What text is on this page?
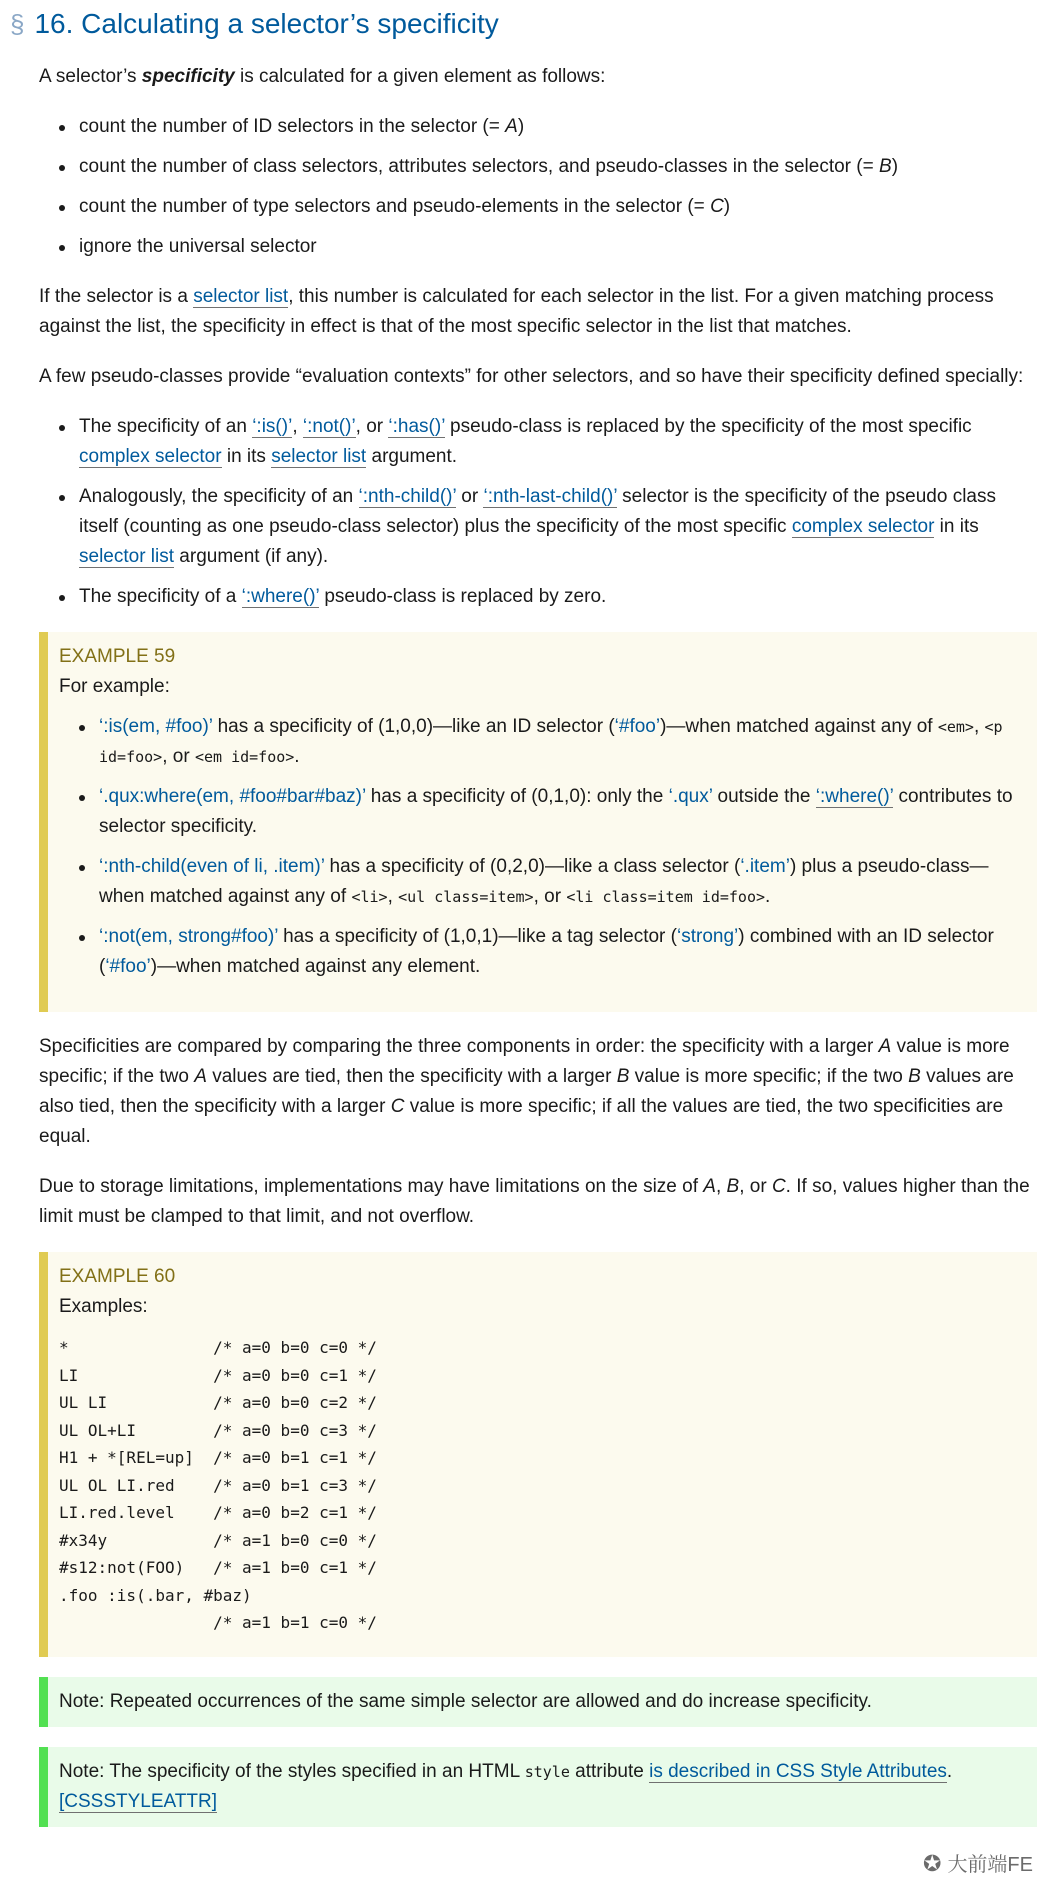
§ 16. Calculating a selector’s specificity

A selector’s specificity is calculated for a given element as follows:

count the number of ID selectors in the selector (= A)
count the number of class selectors, attributes selectors, and pseudo-classes in the selector (= B)
count the number of type selectors and pseudo-elements in the selector (= C)
ignore the universal selector

If the selector is a selector list, this number is calculated for each selector in the list. For a given matching process against the list, the specificity in effect is that of the most specific selector in the list that matches.

A few pseudo-classes provide “evaluation contexts” for other selectors, and so have their specificity defined specially:

The specificity of an ‘:is()’, ‘:not()’, or ‘:has()’ pseudo-class is replaced by the specificity of the most specific complex selector in its selector list argument.
Analogously, the specificity of an ‘:nth-child()’ or ‘:nth-last-child()’ selector is the specificity of the pseudo class itself (counting as one pseudo-class selector) plus the specificity of the most specific complex selector in its selector list argument (if any).
The specificity of a ‘:where()’ pseudo-class is replaced by zero.
EXAMPLE 59
For example:
‘:is(em, #foo)’ has a specificity of (1,0,0)—like an ID selector (‘#foo’)—when matched against any of <em>, <p id=foo>, or <em id=foo>.
‘.qux:where(em, #foo#bar#baz)’ has a specificity of (0,1,0): only the ‘.qux’ outside the ‘:where()’ contributes to selector specificity.
‘:nth-child(even of li, .item)’ has a specificity of (0,2,0)—like a class selector (‘.item’) plus a pseudo-class—when matched against any of <li>, <ul class=item>, or <li class=item id=foo>.
‘:not(em, strong#foo)’ has a specificity of (1,0,1)—like a tag selector (‘strong’) combined with an ID selector (‘#foo’)—when matched against any element.

Specificities are compared by comparing the three components in order: the specificity with a larger A value is more specific; if the two A values are tied, then the specificity with a larger B value is more specific; if the two B values are also tied, then the specificity with a larger C value is more specific; if all the values are tied, the two specificities are equal.

Due to storage limitations, implementations may have limitations on the size of A, B, or C. If so, values higher than the limit must be clamped to that limit, and not overflow.

EXAMPLE 60
Examples:
*               /* a=0 b=0 c=0 */
LI              /* a=0 b=0 c=1 */
UL LI           /* a=0 b=0 c=2 */
UL OL+LI        /* a=0 b=0 c=3 */
H1 + *[REL=up]  /* a=0 b=1 c=1 */
UL OL LI.red    /* a=0 b=1 c=3 */
LI.red.level    /* a=0 b=2 c=1 */
#x34y           /* a=1 b=0 c=0 */
#s12:not(FOO)   /* a=1 b=0 c=1 */
.foo :is(.bar, #baz)
/* a=1 b=1 c=0 */
Note: Repeated occurrences of the same simple selector are allowed and do increase specificity.
Note: The specificity of the styles specified in an HTML style attribute is described in CSS Style Attributes. [CSSSTYLEATTR]
✪ 大前端FE
